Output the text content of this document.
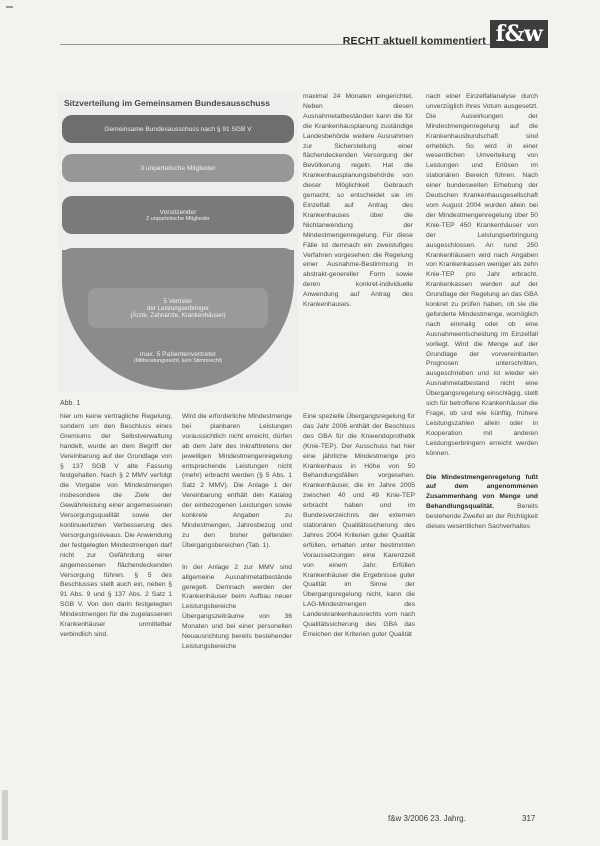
RECHT aktuell kommentiert f&w
Sitzverteilung im Gemeinsamen Bundesausschuss
Gemeinsame Bundesausschuss nach § 91 SGB V
3 unparteiische Mitglieder
Vorsitzender
2 unparteiische Mitglieder
5 Vertreter
der Leistungserbringer
(Ärzte, Zahnärzte, Krankenhäuser)
max. 5 Patientenvertreter
(Mitberatungsrecht, kein Stimmrecht)
Abb. 1

maximal 24 Monaten eingerichtet. Neben diesen Ausnahmetatbeständen kann die für die Krankenhausplanung zuständige Landesbehörde weitere Ausnahmen zur Sicherstellung einer flächendeckenden Versorgung der Bevölkerung regeln. Hat die Krankenhausplanungsbehörde von dieser Möglichkeit Gebrauch gemacht, so entscheidet sie im Einzelfall auf Antrag des Krankenhauses über die Nichtanwendung der Mindestmengenregelung. Für diese Fälle ist demnach ein zweistufiges Verfahren vorgesehen: die Regelung einer Ausnahme-Bestimmung in abstrakt-genereller Form sowie deren konkret-individuelle Anwendung auf Antrag des Krankenhauses.

nach einer Einzelfallanalyse durch unverzüglich ihres Votum ausgesetzt. Die Auswirkungen der Mindestmengenregelung auf die Krankenhausbundschaft sind erheblich. So wird in einer wesentlichen Umverteilung von Leistungen und Erlösen im stationären Bereich führen. Nach einer bundesweiten Erhebung der Deutschen Krankenhausgesellschaft vom August 2004 wurden allein bei der Mindestmengenregelung über 50 Knie-TEP 450 Krankenhäuser von der Leistungserbringung ausgeschlossen. An rund 250 Krankenhäusern wird nach Angaben von Krankenkassen weniger als zehn Knie-TEP pro Jahr erbracht. Krankenkassen werden auf der Grundlage der Regelung an das GBA konkret zu prüfen haben, ob sie die geforderte Mindestmenge, womöglich nach einmalig oder ob eine Ausnahmeentscheidung im Einzelfall vorliegt. Wird die Menge auf der Grundlage der vorvereinbarten Prognosen unterschritten, ausgeschrieben und ist wieder ein Ausnahmetatbestand nicht eine Übergangsregelung einschlägig, stellt sich für betroffene Krankenhäuser die Frage, ob und wie künftig, frühere Leistungszahlen allein oder in Kooperation mit anderen Leistungserbringern erreicht werden können.

Die Mindestmengenregelung fußt auf dem angenommenen Zusammenhang von Menge und Behandlungsqualität.	Bereits bestehende Zweifel an der Richtigkeit dieses wesentlichen Sachverhaltes

hier um keine vertragliche Regelung, sondern um den Beschluss eines Gremiums der Selbstverwaltung handelt, wurde an dem Begriff der Vereinbarung auf der Grundlage von § 137 SGB V alte Fassung festgehalten. Nach § 2 MMV verfolgt die Vorgabe von Mindestmengen insbesondere die Ziele der Gewährleistung einer angemessenen Versorgungsqualität sowie der kontinuierlichen Verbesserung des Versorgungsniveaus. Die Anwendung der festgelegten Mindestmengen darf nicht zur Gefährdung einer angemessenen flächendeckenden Versorgung führen. § 5 des Beschlusses stellt auch ein, neben § 91 Abs. 9 und § 137 Abs. 2 Satz 1 SGB V. Von den darin festgelegten Mindestmengen für die zugelassenen Krankenhäuser unmittelbar verbindlich sind.

Wird die erforderliche Mindestmenge bei planbaren Leistungen voraussichtlich nicht erreicht, dürfen ab dem Jahr des Inkrafttretens der jeweiligen Mindestmengenregelung entsprechende Leistungen nicht (mehr) erbracht werden (§ 5 Abs. 1 Satz 2 MMV). Die Anlage 1 der Vereinbarung enthält den Katalog der einbezogenen Leistungen sowie konkrete Angaben zu Mindestmengen, Jahresbezug und zu den bisher geltenden Übergangsbereichen (Tab. 1).

In der Anlage 2 zur MMV sind allgemeine Ausnahmetatbestände geregelt. Demnach werden der Krankenhäuser beim Aufbau neuer Leistungsbereiche Übergangszeiträume von 36 Monaten und bei einer personellen Neuausrichtung bereits bestehender Leistungsbereiche

Eine spezielle Übergangsregelung für das Jahr 2006 enthält der Beschluss des GBA für die Knieendoprothetik (Knie-TEP). Der Ausschuss hat hier eine jährliche Mindestmenge pro Krankenhaus in Höhe von 50 Behandlungsfällen vorgesehen. Krankenhäuser, die im Jahre 2005 zwischen 40 und 49 Knie-TEP erbracht haben und im Bundesverzeichnis der externen stationären Qualitätssicherung des Jahres 2004 Kriterien guter Qualität erfüllen, erhalten unter bestimmten Voraussetzungen eine Karenzzeit von einem Jahr. Erfüllen Krankenhäuser die Ergebnisse guter Qualität im Sinne der Übergangsregelung nicht, kann die LAG-Mindestmengen des Landeskrankenhausrechts vom nach Qualitätssicherung des GBA das Erreichen der Kriterien guter Qualität

f&w 3/2006 23. Jahrg.	317
